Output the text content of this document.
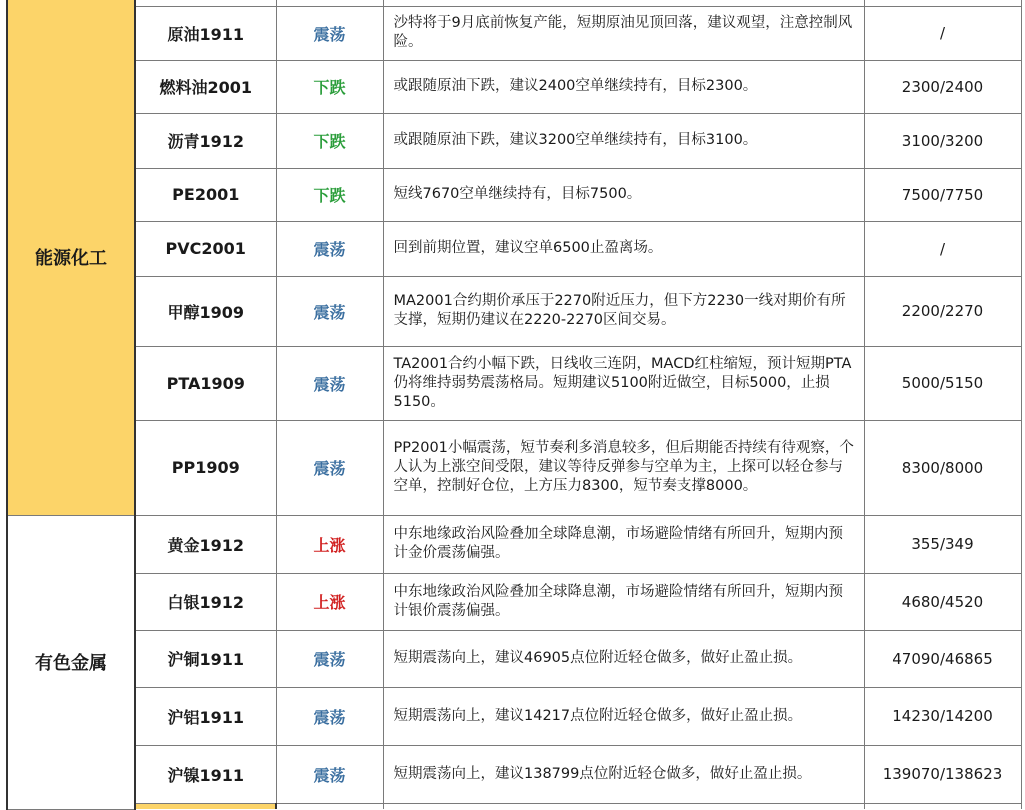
能源化工					
	原油1911	震荡	沙特将于9月底前恢复产能，短期原油见顶回落，建议观望，注意控制风险。	/	
	燃料油2001	下跌	或跟随原油下跌，建议2400空单继续持有，目标2300。	2300/2400	
	沥青1912	下跌	或跟随原油下跌，建议3200空单继续持有，目标3100。	3100/3200	
	PE2001	下跌	短线7670空单继续持有，目标7500。	7500/7750	
	PVC2001	震荡	回到前期位置，建议空单6500止盈离场。	/	
	甲醇1909	震荡	MA2001合约期价承压于2270附近压力，但下方2230一线对期价有所支撑，短期仍建议在2220-2270区间交易。	2200/2270	
	PTA1909	震荡	TA2001合约小幅下跌，日线收三连阴，MACD红柱缩短，预计短期PTA仍将维持弱势震荡格局。短期建议5100附近做空，目标5000，止损5150。	5000/5150	
	PP1909	震荡	PP2001小幅震荡，短节奏利多消息较多，但后期能否持续有待观察，个人认为上涨空间受限，建议等待反弹参与空单为主，上探可以轻仓参与空单，控制好仓位，上方压力8300，短节奏支撑8000。	8300/8000	
有色金属	黄金1912	上涨	中东地缘政治风险叠加全球降息潮，市场避险情绪有所回升，短期内预计金价震荡偏强。	355/349	
	白银1912	上涨	中东地缘政治风险叠加全球降息潮，市场避险情绪有所回升，短期内预计银价震荡偏强。	4680/4520	
	沪铜1911	震荡	短期震荡向上，建议46905点位附近轻仓做多，做好止盈止损。	47090/46865	
	沪铝1911	震荡	短期震荡向上，建议14217点位附近轻仓做多，做好止盈止损。	14230/14200	
	沪镍1911	震荡	短期震荡向上，建议138799点位附近轻仓做多，做好止盈止损。	139070/138623	
